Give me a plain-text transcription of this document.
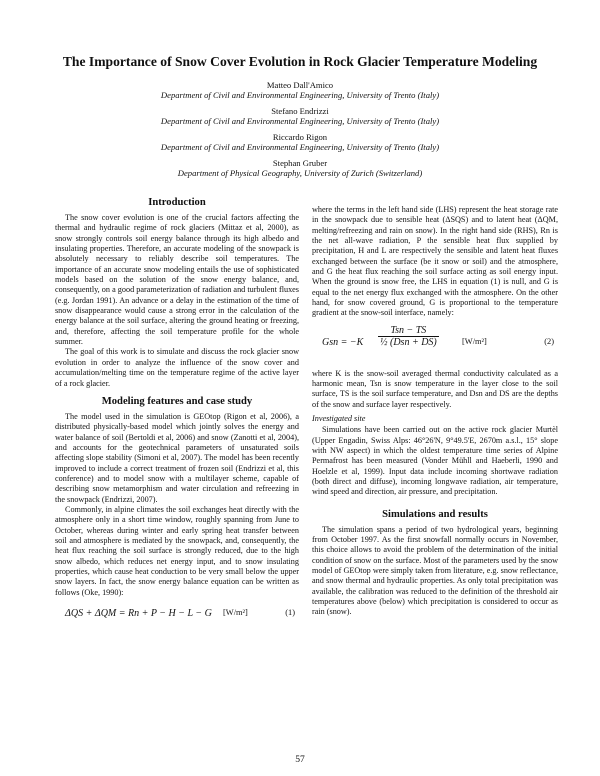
The Importance of Snow Cover Evolution in Rock Glacier Temperature Modeling
Matteo Dall'Amico
Department of Civil and Environmental Engineering, University of Trento (Italy)
Stefano Endrizzi
Department of Civil and Environmental Engineering, University of Trento (Italy)
Riccardo Rigon
Department of Civil and Environmental Engineering, University of Trento (Italy)
Stephan Gruber
Department of Physical Geography, University of Zurich (Switzerland)
Introduction

The snow cover evolution is one of the crucial factors affecting the thermal and hydraulic regime of rock glaciers (Mittaz et al, 2000), as snow strongly controls soil energy balance through its high albedo and insulating properties. Therefore, an accurate modeling of the snowpack is absolutely necessary to reliably describe soil temperatures. The importance of an accurate snow modeling entails the use of sophisticated models based on the solution of the snow energy balance, and, consequently, on a good parameterization of radiation and turbulent fluxes (e.g. Jordan 1991). An advance or a delay in the estimation of the time of snow disappearance would cause a strong error in the calculation of the energy balance at the soil surface, altering the ground heating or freezing, and, therefore, affecting the soil temperature profile for the whole summer.

The goal of this work is to simulate and discuss the rock glacier snow evolution in order to analyze the influence of the snow cover and accumulation/melting time on the temperature regime of the active layer of a rock glacier.

Modeling features and case study

The model used in the simulation is GEOtop (Rigon et al, 2006), a distributed physically-based model which jointly solves the energy and water balance of soil (Bertoldi et al, 2006) and snow (Zanotti et al, 2004), and accounts for the geotechnical parameters of unsaturated soils affecting slope stability (Simoni et al, 2007). The model has been recently improved to include a correct treatment of frozen soil (Endrizzi et al, this conference) and to model snow with a multilayer scheme, capable of describing snow metamorphism and water circulation and refreezing in the snowpack (Endrizzi, 2007).

Commonly, in alpine climates the soil exchanges heat directly with the atmosphere only in a short time window, roughly spanning from June to October, whereas during winter and early spring heat transfer between soil and atmosphere is mediated by the snowpack, and, consequently, the heat flux reaching the soil surface is strongly reduced, due to the high snow albedo, which reduces net energy input, and to snow insulating properties, which cause heat conduction to be very small below the upper snow layers. In fact, the snow energy balance equation can be written as follows (Oke, 1990):

ΔQS + ΔQM = Rn + P − H − L − G [W/m²]	(1)

where the terms in the left hand side (LHS) represent the heat storage rate in the snowpack due to sensible heat (ΔSQS) and to latent heat (ΔQM, melting/refreezing and rain on snow). In the right hand side (RHS), Rn is the net all-wave radiation, P the sensible heat flux supplied by precipitation, H and L are respectively the sensible and latent heat fluxes exchanged between the surface (be it snow or soil) and the atmosphere, and G the heat flux reaching the soil surface acting as soil energy input. When the ground is snow free, the LHS in equation (1) is null, and G is equal to the net energy flux exchanged with the atmosphere. On the other hand, for snow covered ground, G is proportional to the temperature gradient at the snow-soil interface, namely:

Gsn = −K
Tsn − TS
½ (Dsn + DS)	[W/m²]	(2)

where K is the snow-soil averaged thermal conductivity calculated as a harmonic mean, Tsn is snow temperature in the layer close to the soil surface, TS is the soil surface temperature, and Dsn and DS are the depths of the snow and surface layer respectively.

Investigated site

Simulations have been carried out on the active rock glacier Murtèl (Upper Engadin, Swiss Alps: 46°26'N, 9°49.5'E, 2670m a.s.l., 15° slope with NW aspect) in which the oldest temperature time series of Alpine Permafrost has been measured (Vonder Mühll and Haeberli, 1990 and Hoelzle et al, 1999). Input data include incoming shortwave radiation (both direct and diffuse), incoming longwave radiation, air temperature, wind speed and direction, air pressure, and precipitation.

Simulations and results

The simulation spans a period of two hydrological years, beginning from October 1997. As the first snowfall normally occurs in November, this choice allows to avoid the problem of the determination of the initial condition of snow on the surface. Most of the parameters used by the snow model of GEOtop were simply taken from literature, e.g. snow reflectance, and snow thermal and hydraulic properties. As only total precipitation was available, the calibration was reduced to the definition of the threshold air temperatures above (below) which precipitation is considered to occur as rain (snow).

57
